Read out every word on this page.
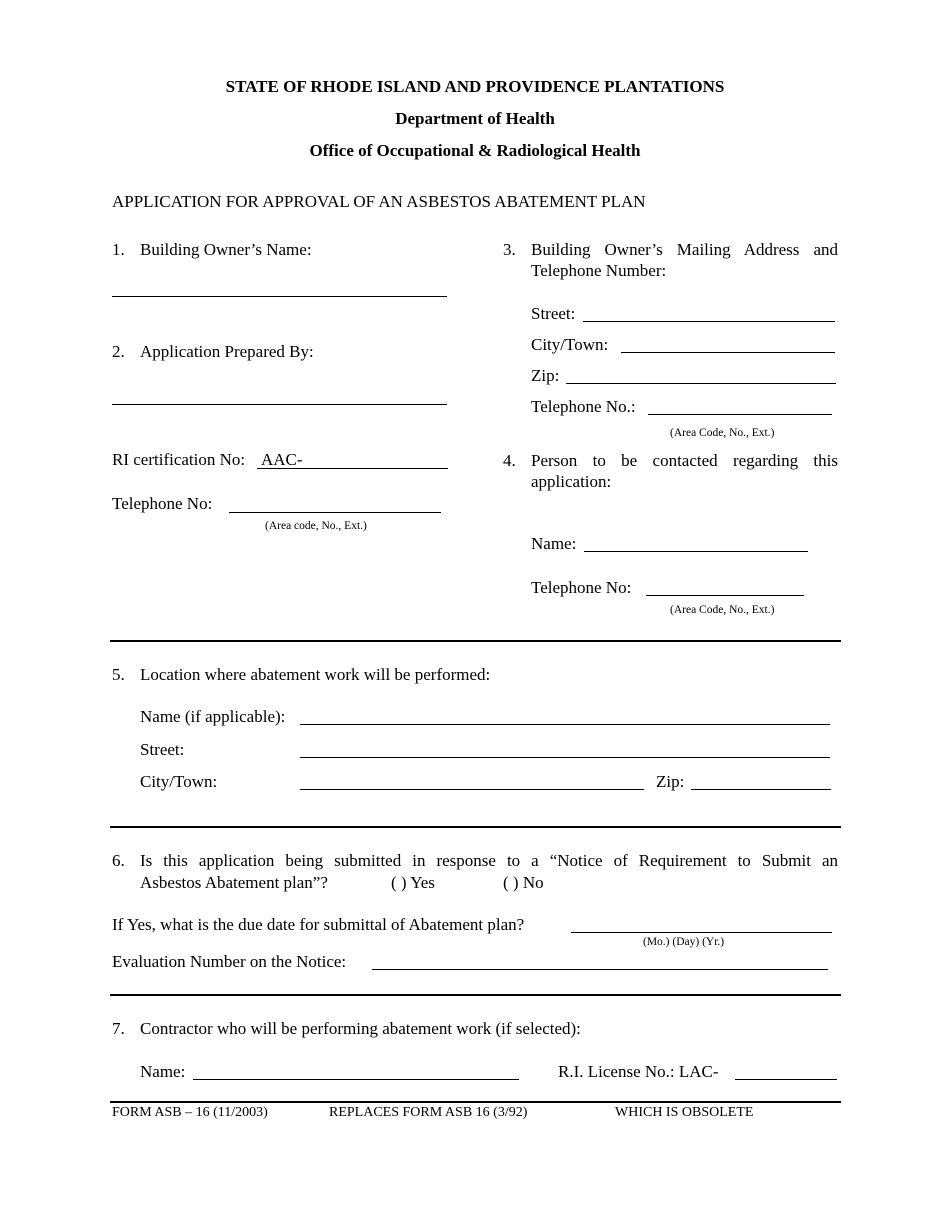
STATE OF RHODE ISLAND AND PROVIDENCE PLANTATIONS
Department of Health
Office of Occupational & Radiological Health
APPLICATION FOR APPROVAL OF AN ASBESTOS ABATEMENT PLAN
1. Building Owner’s Name:
2. Application Prepared By:
RI certification No: AAC-
Telephone No:
(Area code, No., Ext.)
3. Building Owner’s Mailing Address and
Telephone Number:
Street:
City/Town:
Zip:
Telephone No.:
(Area Code, No., Ext.)
4. Person to be contacted regarding this
application:
Name:
Telephone No:
(Area Code, No., Ext.)
5. Location where abatement work will be performed:
Name (if applicable):
Street:
City/Town:	Zip:
6. Is this application being submitted in response to a “Notice of Requirement to Submit an
Asbestos Abatement plan”?	( ) Yes	( ) No
If Yes, what is the due date for submittal of Abatement plan?
(Mo.) (Day) (Yr.)
Evaluation Number on the Notice:
7. Contractor who will be performing abatement work (if selected):
Name:	R.I. License No.: LAC-
FORM ASB – 16 (11/2003)	REPLACES FORM ASB 16 (3/92)	WHICH IS OBSOLETE
